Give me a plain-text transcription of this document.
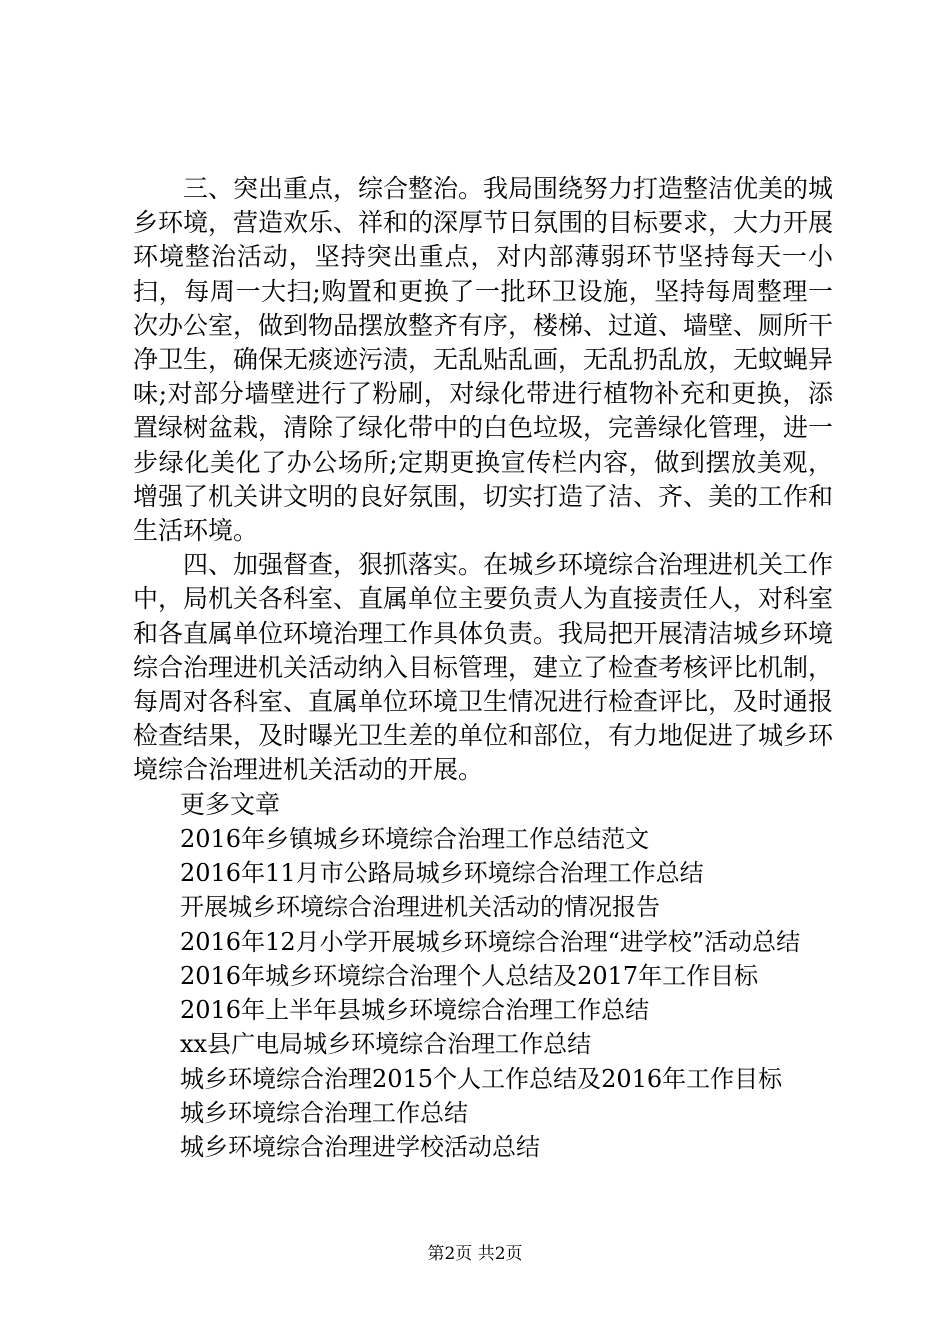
三、突出重点，综合整治。我局围绕努力打造整洁优美的城乡环境，营造欢乐、祥和的深厚节日氛围的目标要求，大力开展环境整治活动，坚持突出重点，对内部薄弱环节坚持每天一小扫，每周一大扫;购置和更换了一批环卫设施，坚持每周整理一次办公室，做到物品摆放整齐有序，楼梯、过道、墙壁、厕所干净卫生，确保无痰迹污渍，无乱贴乱画，无乱扔乱放，无蚊蝇异味;对部分墙壁进行了粉刷，对绿化带进行植物补充和更换，添置绿树盆栽，清除了绿化带中的白色垃圾，完善绿化管理，进一步绿化美化了办公场所;定期更换宣传栏内容，做到摆放美观，增强了机关讲文明的良好氛围，切实打造了洁、齐、美的工作和生活环境。

四、加强督查，狠抓落实。在城乡环境综合治理进机关工作中，局机关各科室、直属单位主要负责人为直接责任人，对科室和各直属单位环境治理工作具体负责。我局把开展清洁城乡环境综合治理进机关活动纳入目标管理，建立了检查考核评比机制，每周对各科室、直属单位环境卫生情况进行检查评比，及时通报检查结果，及时曝光卫生差的单位和部位，有力地促进了城乡环境综合治理进机关活动的开展。

更多文章

2016年乡镇城乡环境综合治理工作总结范文
2016年11月市公路局城乡环境综合治理工作总结
开展城乡环境综合治理进机关活动的情况报告
2016年12月小学开展城乡环境综合治理“进学校”活动总结
2016年城乡环境综合治理个人总结及2017年工作目标
2016年上半年县城乡环境综合治理工作总结
xx县广电局城乡环境综合治理工作总结
城乡环境综合治理2015个人工作总结及2016年工作目标
城乡环境综合治理工作总结
城乡环境综合治理进学校活动总结
第2页 共2页
